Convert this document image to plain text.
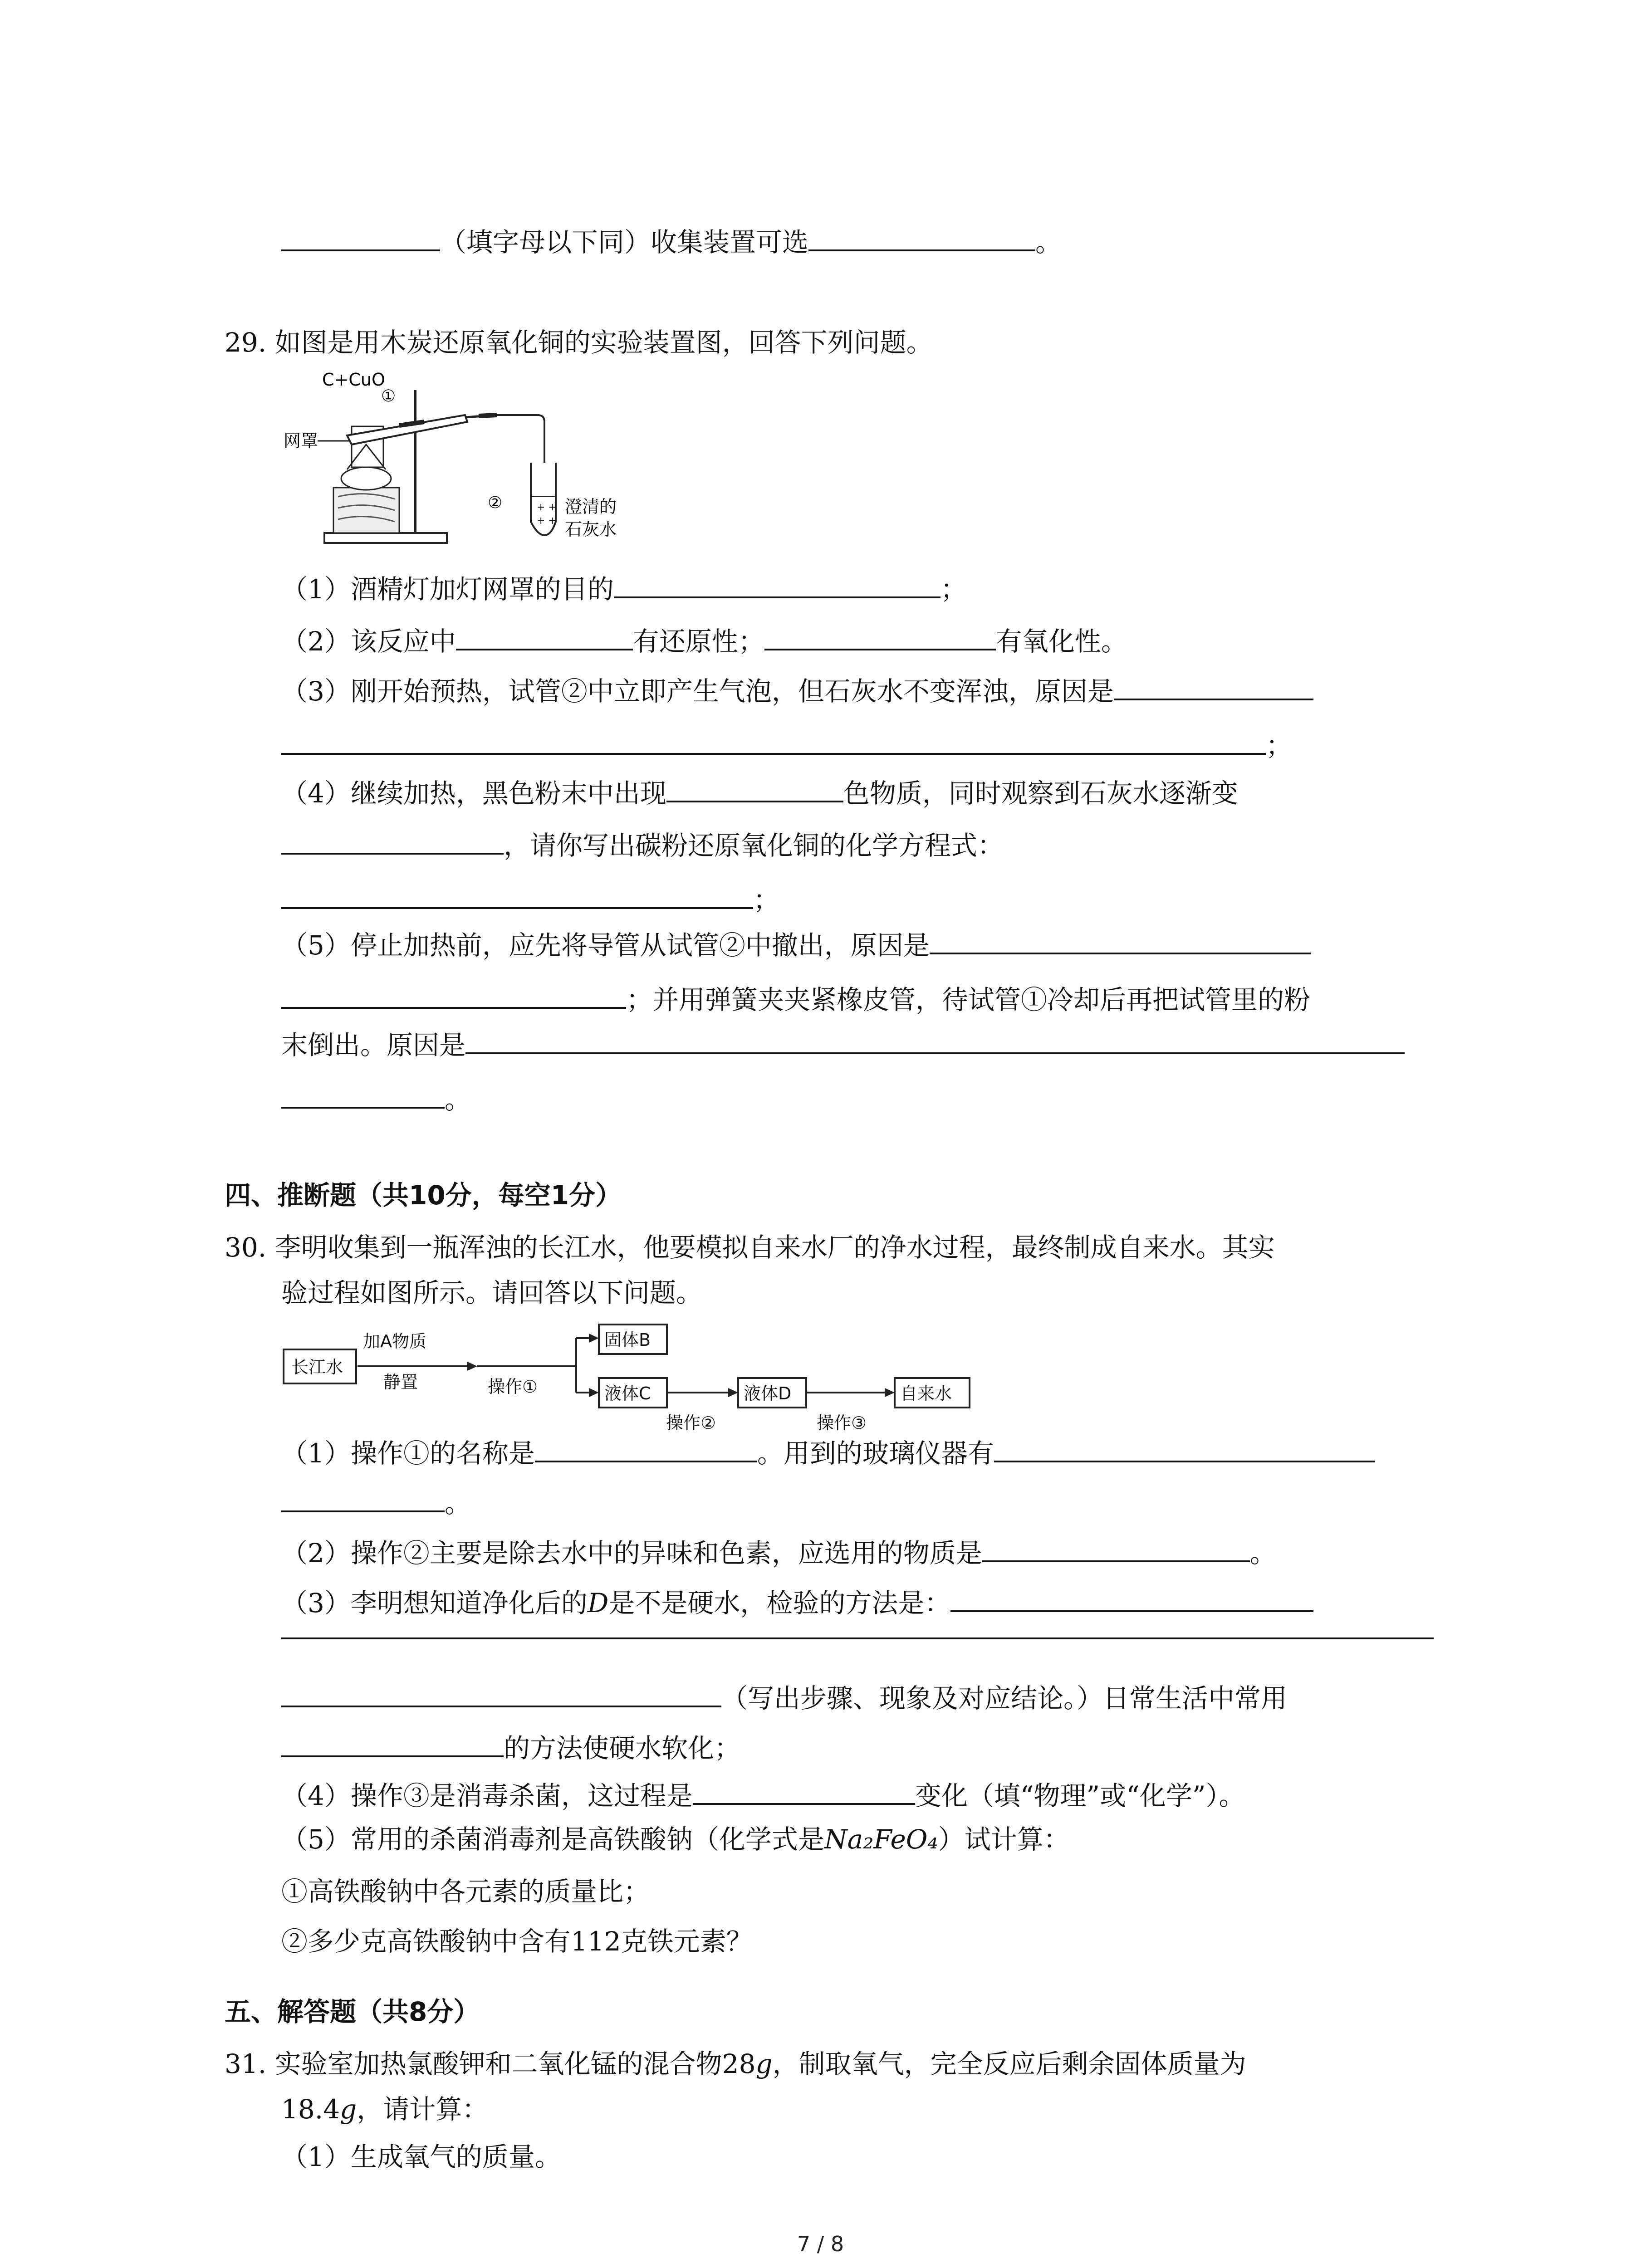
（填字母以下同）收集装置可选	。
29. 如图是用木炭还原氧化铜的实验装置图，回答下列问题。
C+CuO
①
网罩
+ +
+ +
②	澄清的
石灰水
（1）酒精灯加灯网罩的目的	；
（2）该反应中	有还原性；	有氧化性。
（3）刚开始预热，试管②中立即产生气泡，但石灰水不变浑浊，原因是
；
（4）继续加热，黑色粉末中出现	色物质，同时观察到石灰水逐渐变
，请你写出碳粉还原氧化铜的化学方程式：
；
（5）停止加热前，应先将导管从试管②中撤出，原因是
；并用弹簧夹夹紧橡皮管，待试管①冷却后再把试管里的粉
末倒出。原因是
。
四、推断题（共10分，每空1分）
30. 李明收集到一瓶浑浊的长江水，他要模拟自来水厂的净水过程，最终制成自来水。其实
验过程如图所示。请回答以下问题。
长江水
加A物质
静置	操作①
固体B
液体C
操作②
液体D
操作③
自来水
（1）操作①的名称是	。用到的玻璃仪器有
。
（2）操作②主要是除去水中的异味和色素，应选用的物质是	。
（3）李明想知道净化后的D是不是硬水，检验的方法是：
（写出步骤、现象及对应结论。）日常生活中常用
的方法使硬水软化；
（4）操作③是消毒杀菌，这过程是	变化（填“物理”或“化学”）。
（5）常用的杀菌消毒剂是高铁酸钠（化学式是Na₂FeO₄）试计算：
①高铁酸钠中各元素的质量比；
②多少克高铁酸钠中含有112克铁元素？
五、解答题（共8分）
31. 实验室加热氯酸钾和二氧化锰的混合物28g，制取氧气，完全反应后剩余固体质量为
18.4g，请计算：
（1）生成氧气的质量。
7 / 8
